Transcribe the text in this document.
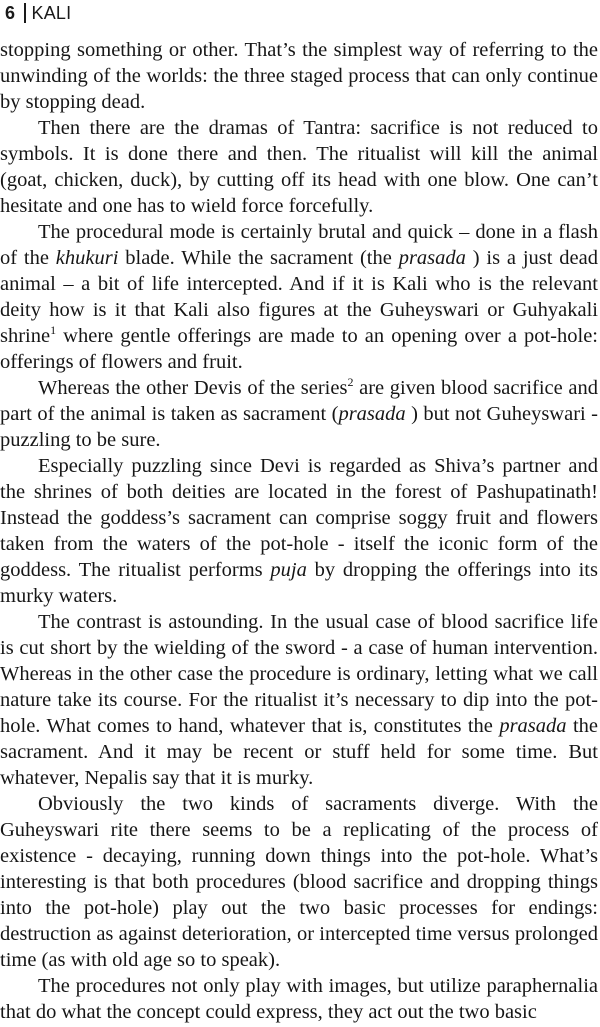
6 KALI

stopping something or other. That’s the simplest way of referring to the unwinding of the worlds: the three staged process that can only continue by stopping dead.

Then there are the dramas of Tantra: sacrifice is not reduced to symbols. It is done there and then. The ritualist will kill the animal (goat, chicken, duck), by cutting off its head with one blow. One can’t hesitate and one has to wield force forcefully.

The procedural mode is certainly brutal and quick – done in a flash of the khukuri blade. While the sacrament (the prasada ) is a just dead animal – a bit of life intercepted. And if it is Kali who is the relevant deity how is it that Kali also figures at the Guheyswari or Guhyakali shrine$^1$ where gentle offerings are made to an opening over a pot-hole: offerings of flowers and fruit.

Whereas the other Devis of the series$^2$ are given blood sacrifice and part of the animal is taken as sacrament (prasada ) but not Guheyswari - puzzling to be sure.

Especially puzzling since Devi is regarded as Shiva’s partner and the shrines of both deities are located in the forest of Pashupatinath! Instead the goddess’s sacrament can comprise soggy fruit and flowers taken from the waters of the pot-hole - itself the iconic form of the goddess. The ritualist performs puja by dropping the offerings into its murky waters.

The contrast is astounding. In the usual case of blood sacrifice life is cut short by the wielding of the sword - a case of human intervention. Whereas in the other case the procedure is ordinary, letting what we call nature take its course. For the ritualist it’s necessary to dip into the pot-hole. What comes to hand, whatever that is, constitutes the prasada the sacrament. And it may be recent or stuff held for some time. But whatever, Nepalis say that it is murky.

Obviously the two kinds of sacraments diverge. With the Guheyswari rite there seems to be a replicating of the process of existence - decaying, running down things into the pot-hole. What’s interesting is that both procedures (blood sacrifice and dropping things into the pot-hole) play out the two basic processes for endings: destruction as against deterioration, or intercepted time versus prolonged time (as with old age so to speak).

The procedures not only play with images, but utilize paraphernalia that do what the concept could express, they act out the two basic
